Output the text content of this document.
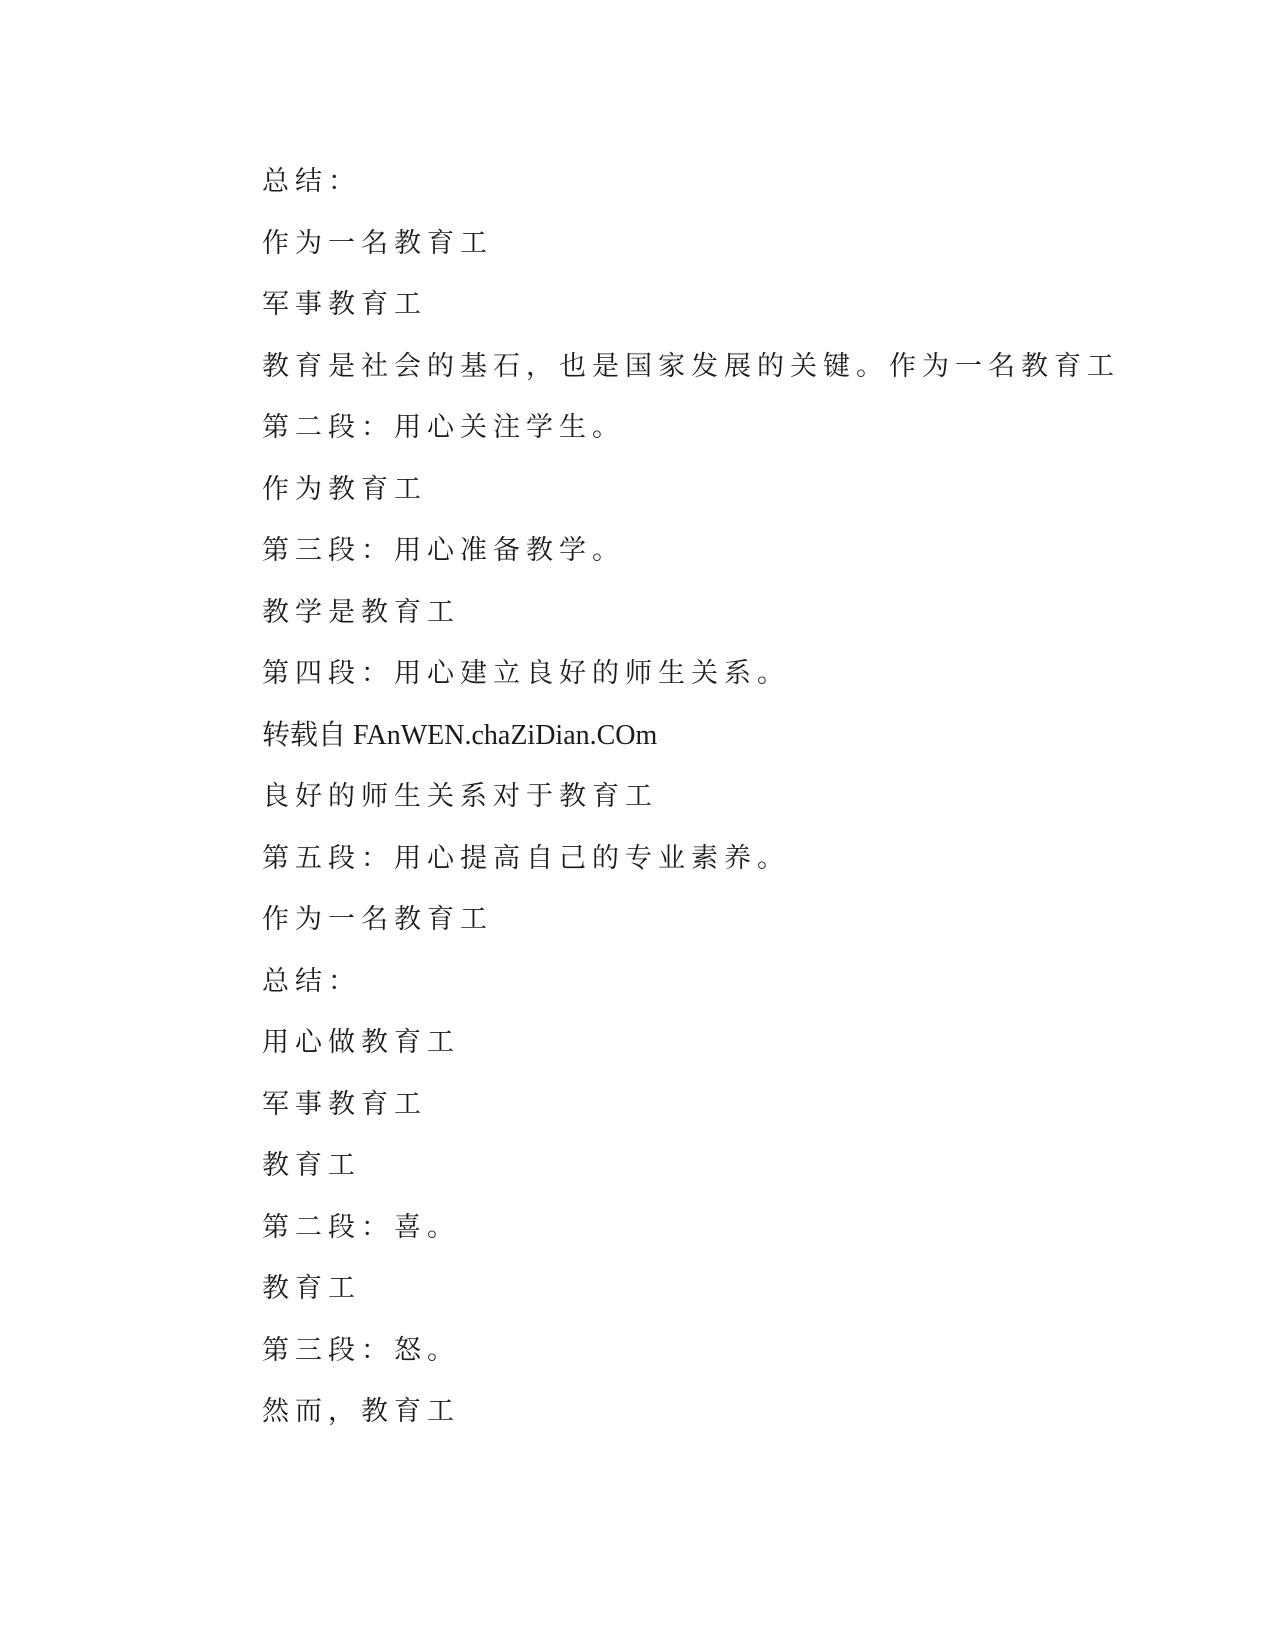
总结：

作为一名教育工

军事教育工

教育是社会的基石，也是国家发展的关键。作为一名教育工

第二段：用心关注学生。

作为教育工

第三段：用心准备教学。

教学是教育工

第四段：用心建立良好的师生关系。

转载自 FAnWEN.chaZiDian.COm

良好的师生关系对于教育工

第五段：用心提高自己的专业素养。

作为一名教育工

总结：

用心做教育工

军事教育工

教育工

第二段：喜。

教育工

第三段：怒。

然而，教育工
